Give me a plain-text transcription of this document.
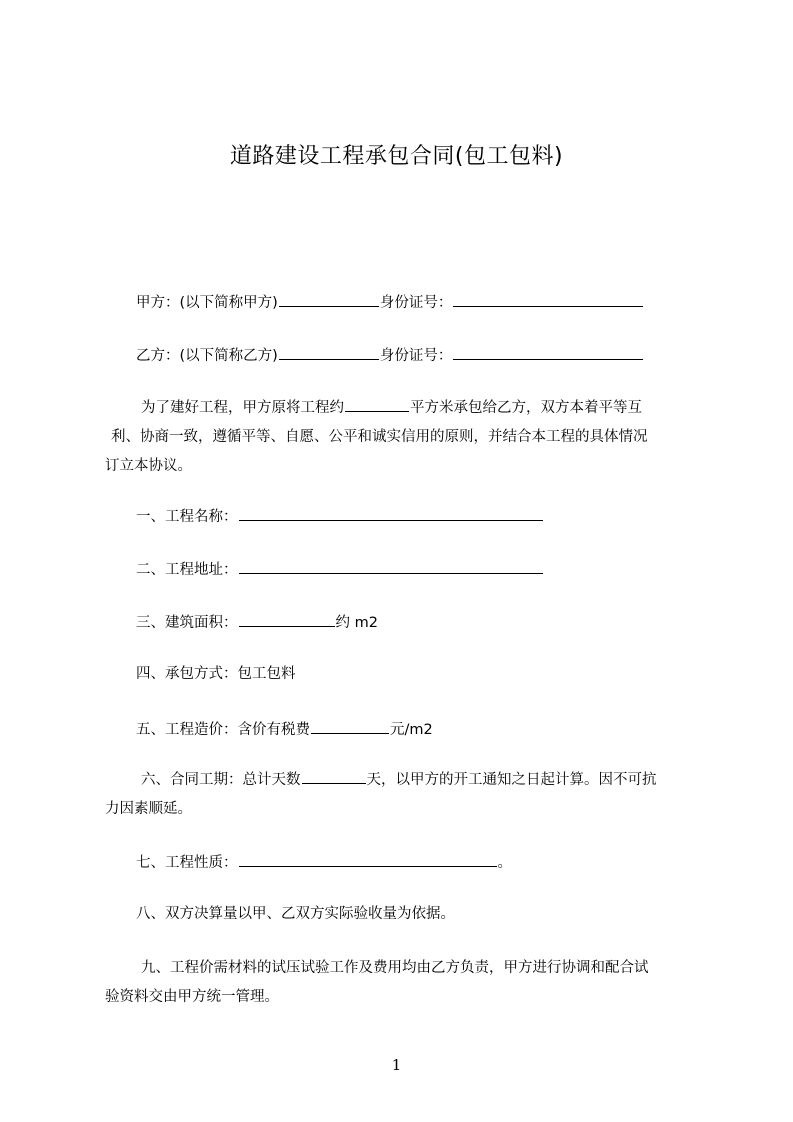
道路建设工程承包合同(包工包料)
甲方：(以下简称甲方)	身份证号：
乙方：(以下简称乙方)	身份证号：
为了建好工程，甲方原将工程约	平方米承包给乙方，双方本着平等互
利、协商一致，遵循平等、自愿、公平和诚实信用的原则，并结合本工程的具体情况
订立本协议。
一、工程名称：
二、工程地址：
三、建筑面积：	约 m2
四、承包方式：包工包料
五、工程造价：含价有税费	元/m2
六、合同工期：总计天数	天，以甲方的开工通知之日起计算。因不可抗
力因素顺延。
七、工程性质：	。
八、双方决算量以甲、乙双方实际验收量为依据。
九、工程价需材料的试压试验工作及费用均由乙方负责，甲方进行协调和配合试
验资料交由甲方统一管理。
1
